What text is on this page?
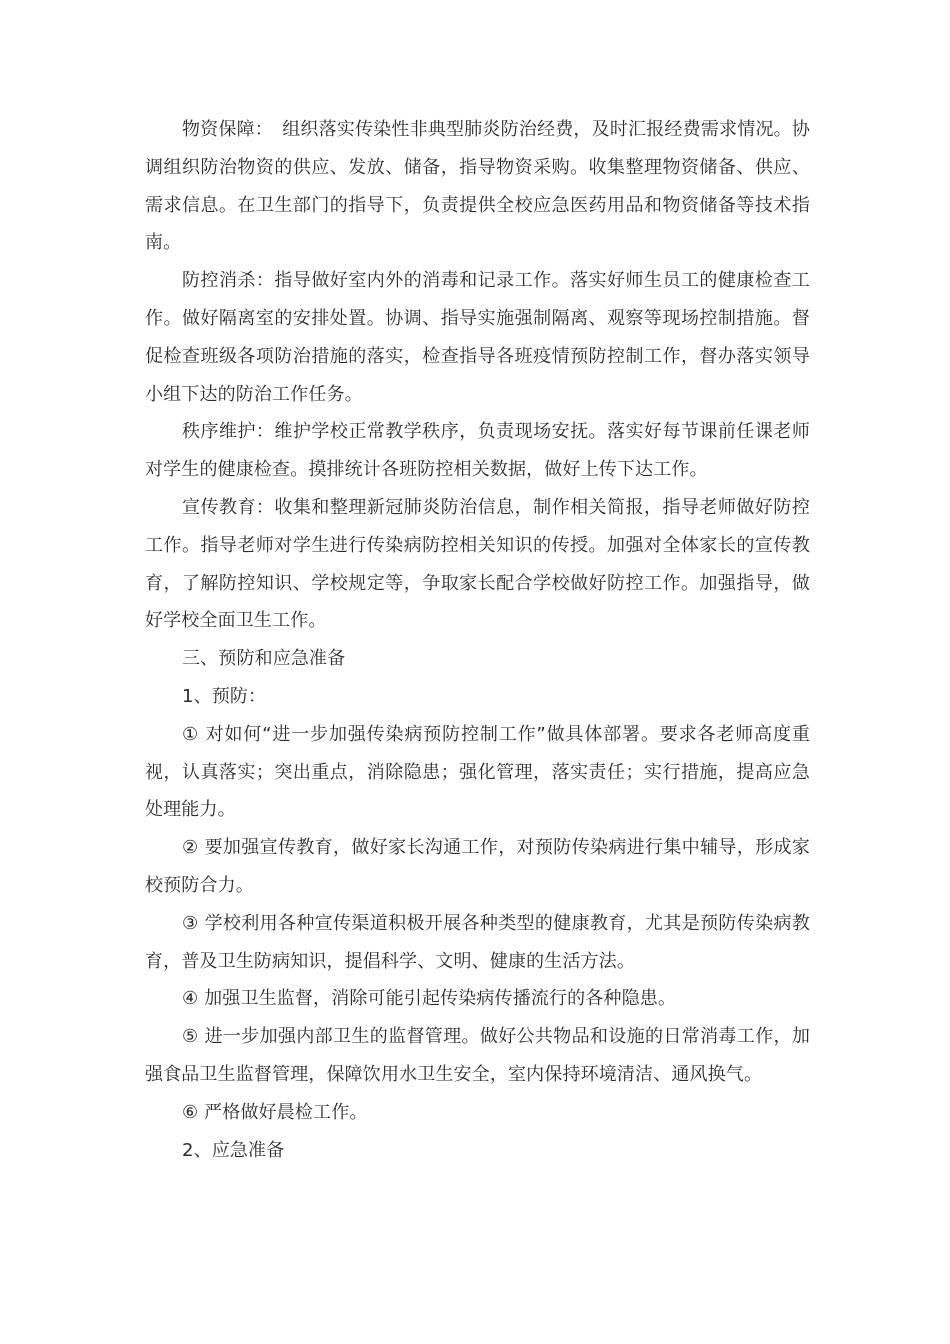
物资保障：　组织落实传染性非典型肺炎防治经费，及时汇报经费需求情况。协调组织防治物资的供应、发放、储备，指导物资采购。收集整理物资储备、供应、需求信息。在卫生部门的指导下，负责提供全校应急医药用品和物资储备等技术指南。

防控消杀：指导做好室内外的消毒和记录工作。落实好师生员工的健康检查工作。做好隔离室的安排处置。协调、指导实施强制隔离、观察等现场控制措施。督促检查班级各项防治措施的落实，检查指导各班疫情预防控制工作，督办落实领导小组下达的防治工作任务。

秩序维护：维护学校正常教学秩序，负责现场安抚。落实好每节课前任课老师对学生的健康检查。摸排统计各班防控相关数据，做好上传下达工作。

宣传教育：收集和整理新冠肺炎防治信息，制作相关简报，指导老师做好防控工作。指导老师对学生进行传染病防控相关知识的传授。加强对全体家长的宣传教育，了解防控知识、学校规定等，争取家长配合学校做好防控工作。加强指导，做好学校全面卫生工作。

三、预防和应急准备

1、预防：

① 对如何“进一步加强传染病预防控制工作”做具体部署。要求各老师高度重视，认真落实；突出重点，消除隐患；强化管理，落实责任；实行措施，提高应急处理能力。

② 要加强宣传教育，做好家长沟通工作，对预防传染病进行集中辅导，形成家校预防合力。

③ 学校利用各种宣传渠道积极开展各种类型的健康教育，尤其是预防传染病教育，普及卫生防病知识，提倡科学、文明、健康的生活方法。

④ 加强卫生监督，消除可能引起传染病传播流行的各种隐患。

⑤ 进一步加强内部卫生的监督管理。做好公共物品和设施的日常消毒工作，加强食品卫生监督管理，保障饮用水卫生安全，室内保持环境清洁、通风换气。

⑥ 严格做好晨检工作。

2、应急准备
